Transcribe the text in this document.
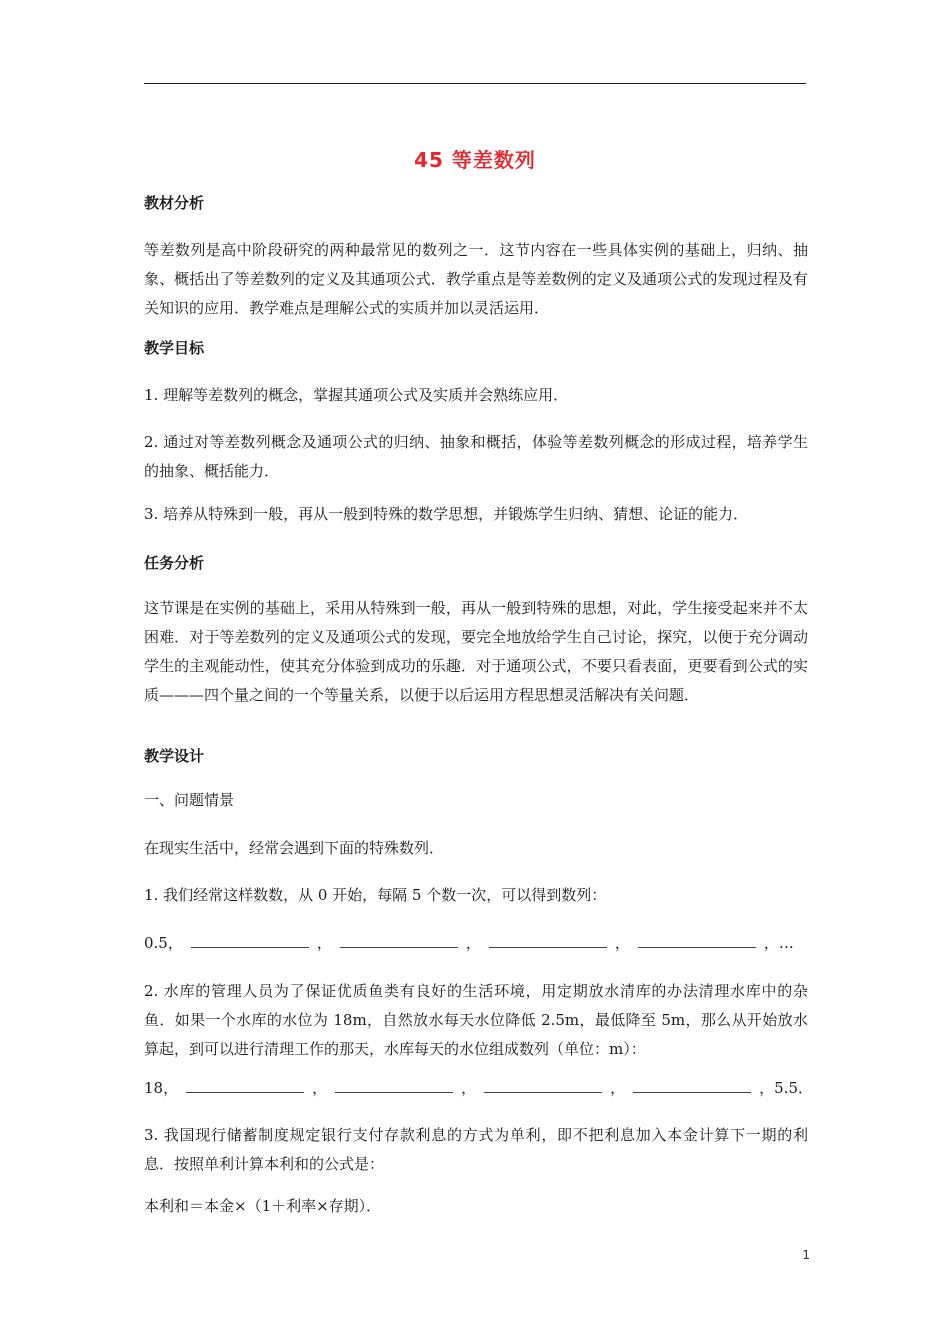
45 等差数列
教材分析
等差数列是高中阶段研究的两种最常见的数列之一．这节内容在一些具体实例的基础上，归纳、抽象、概括出了等差数列的定义及其通项公式．教学重点是等差数例的定义及通项公式的发现过程及有关知识的应用．教学难点是理解公式的实质并加以灵活运用．
教学目标
1. 理解等差数列的概念，掌握其通项公式及实质并会熟练应用．
2. 通过对等差数列概念及通项公式的归纳、抽象和概括，体验等差数列概念的形成过程，培养学生的抽象、概括能力．
3. 培养从特殊到一般，再从一般到特殊的数学思想，并锻炼学生归纳、猜想、论证的能力．
任务分析
这节课是在实例的基础上，采用从特殊到一般，再从一般到特殊的思想，对此，学生接受起来并不太困难．对于等差数列的定义及通项公式的发现，要完全地放给学生自己讨论，探究，以便于充分调动学生的主观能动性，使其充分体验到成功的乐趣．对于通项公式，不要只看表面，更要看到公式的实质———四个量之间的一个等量关系，以便于以后运用方程思想灵活解决有关问题．
教学设计
一、问题情景
在现实生活中，经常会遇到下面的特殊数列．
1. 我们经常这样数数，从 0 开始，每隔 5 个数一次，可以得到数列：
0.5，	，	，	，	，…
2. 水库的管理人员为了保证优质鱼类有良好的生活环境，用定期放水清库的办法清理水库中的杂鱼．如果一个水库的水位为 18m，自然放水每天水位降低 2.5m，最低降至 5m，那么从开始放水算起，到可以进行清理工作的那天，水库每天的水位组成数列（单位：m）：
18，	，	，	，	，5.5．
3. 我国现行储蓄制度规定银行支付存款利息的方式为单利，即不把利息加入本金计算下一期的利息．按照单利计算本利和的公式是：
本利和＝本金×（1＋利率×存期）．
1
